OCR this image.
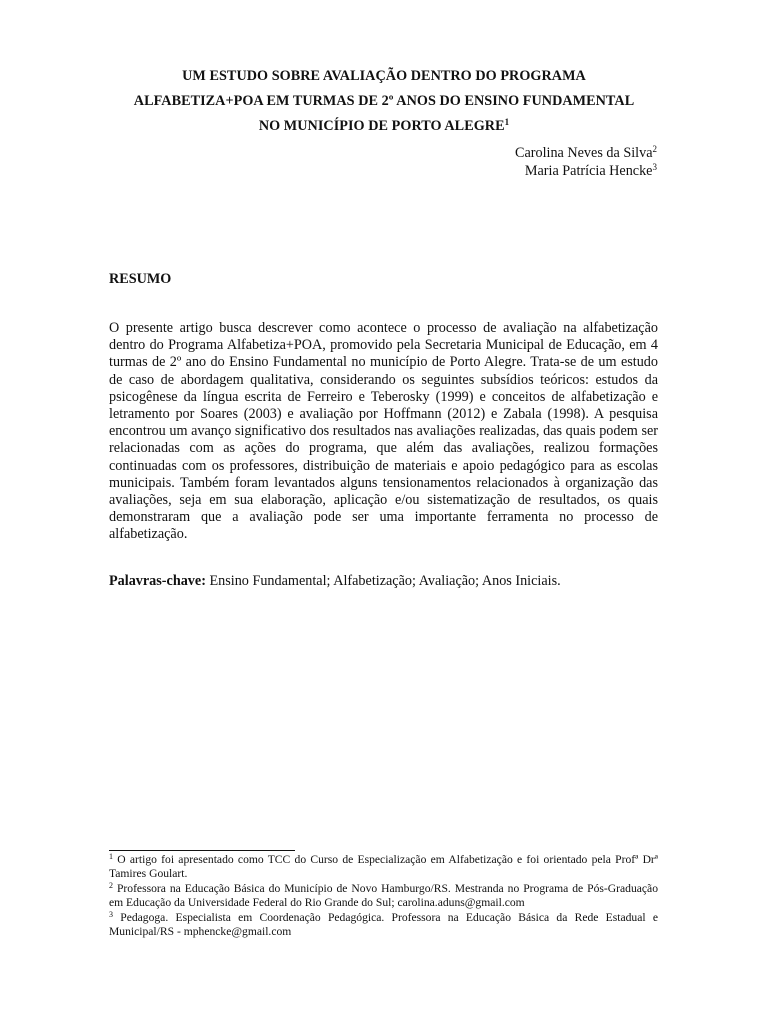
UM ESTUDO SOBRE AVALIAÇÃO DENTRO DO PROGRAMA
ALFABETIZA+POA EM TURMAS DE 2º ANOS DO ENSINO FUNDAMENTAL
NO MUNICÍPIO DE PORTO ALEGRE$^1$
Carolina Neves da Silva$^2$
Maria Patrícia Hencke$^3$
RESUMO

O presente artigo busca descrever como acontece o processo de avaliação na alfabetização dentro do Programa Alfabetiza+POA, promovido pela Secretaria Municipal de Educação, em 4 turmas de 2º ano do Ensino Fundamental no município de Porto Alegre. Trata-se de um estudo de caso de abordagem qualitativa, considerando os seguintes subsídios teóricos: estudos da psicogênese da língua escrita de Ferreiro e Teberosky (1999) e conceitos de alfabetização e letramento por Soares (2003) e avaliação por Hoffmann (2012) e Zabala (1998). A pesquisa encontrou um avanço significativo dos resultados nas avaliações realizadas, das quais podem ser relacionadas com as ações do programa, que além das avaliações, realizou formações continuadas com os professores, distribuição de materiais e apoio pedagógico para as escolas municipais. Também foram levantados alguns tensionamentos relacionados à organização das avaliações, seja em sua elaboração, aplicação e/ou sistematização de resultados, os quais demonstraram que a avaliação pode ser uma importante ferramenta no processo de alfabetização.

Palavras-chave: Ensino Fundamental; Alfabetização; Avaliação; Anos Iniciais.

$^1$ O artigo foi apresentado como TCC do Curso de Especialização em Alfabetização e foi orientado pela Profª Drª Tamires Goulart.

$^2$ Professora na Educação Básica do Município de Novo Hamburgo/RS. Mestranda no Programa de Pós-Graduação em Educação da Universidade Federal do Rio Grande do Sul; carolina.aduns@gmail.com

$^3$ Pedagoga. Especialista em Coordenação Pedagógica. Professora na Educação Básica da Rede Estadual e Municipal/RS - mphencke@gmail.com
